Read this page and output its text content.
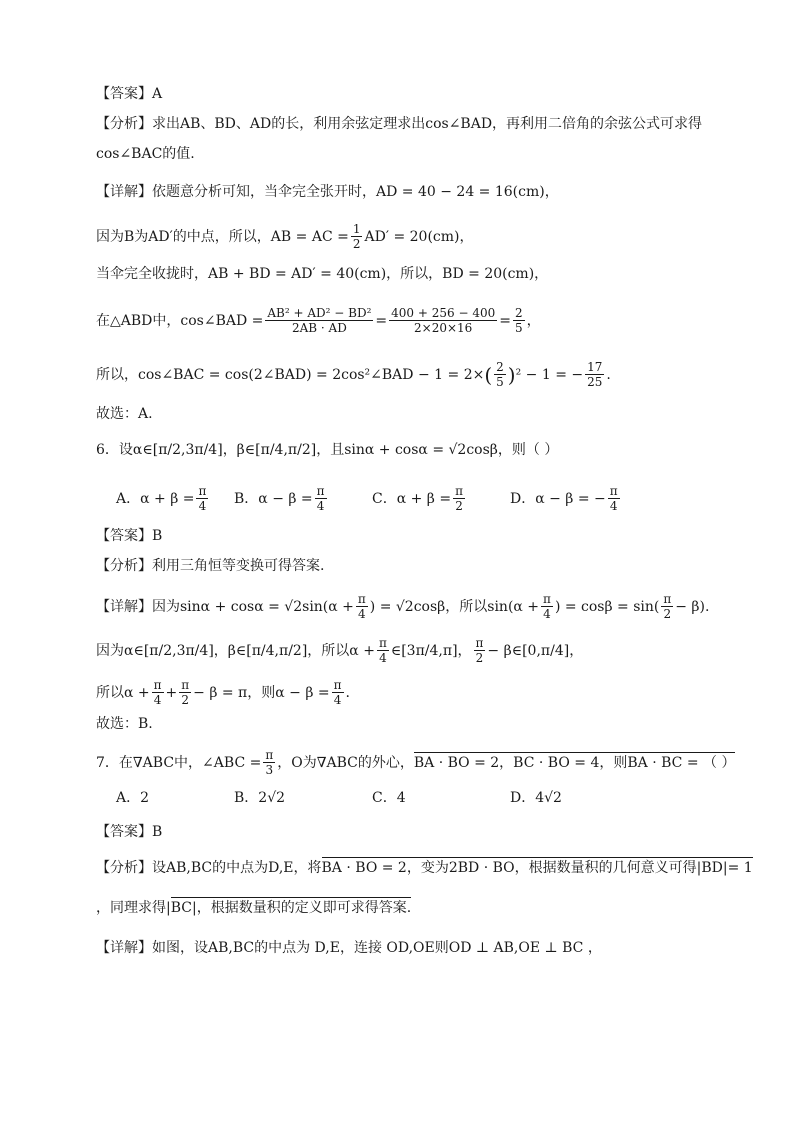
【答案】A
【分析】求出AB、BD、AD的长，利用余弦定理求出cos∠BAD，再利用二倍角的余弦公式可求得
cos∠BAC的值.
【详解】依题意分析可知，当伞完全张开时，AD = 40 − 24 = 16(cm)，
因为B为AD′的中点，所以，AB = AC = $\frac{1}{2} AD' = 20(cm)$，
当伞完全收拢时，AB + BD = AD′ = 40(cm)，所以，BD = 20(cm)，
在△ABD中，cos∠BAD = $\frac{\text{AB² + AD² − BD²}}{2AB \cdot AD} = \frac{400 + 256 - 400}{2\times 20\times 16} = \frac{2}{5}$ ，
所以，cos∠BAC = cos(2∠BAD) = 2cos²∠BAD − 1 = 2× ( $\frac{2}{5}$ ) ² − 1 = − $\frac{17}{25}$ .
故选：A.
6．设α∈ [ π/2 , 3π/4 ] ，β∈ [ π/4 , π/2 ] ，且sinα + cosα = √2cosβ，则（ ）
A．$\alpha + \beta = \frac{\pi}{4}$ B．$\alpha - \beta = \frac{\pi}{4}$	C．$\alpha + \beta = \frac{\pi}{2}$	D．α − β = − $\frac{\pi}{4}$
【答案】B
【分析】利用三角恒等变换可得答案.
【详解】因为$\sin\alpha + \cos\alpha = √2\sin(\alpha + \frac{\pi}{4}$ ) = √2cosβ，所以$\sin(\alpha + \frac{\pi}{4}$ ) = $\cos\beta = \sin( \frac{\pi}{2} - \beta)$.
因为α∈ [ π/2 , 3π/4 ] ，β∈ [ π/4 , π/2 ] ，所以$\alpha + \frac{\pi}{4}$ ∈ [ 3π/4 , π ] ， $\frac{\pi}{2}$ − β∈ [ 0 , π/4 ] ，
所以$\alpha + \frac{\pi}{4} + \frac{\pi}{2} - \beta = \pi$，则$\alpha - \beta = \frac{\pi}{4}$ .
故选：B.
7．在∇ABC中，∠ABC = $\frac{\pi}{3}$ ，O为∇ABC的外心， BA · BO = 2， BC · BO = 4，则 BA · BC = （ ）
A．2	B．2√2	C．4	D．4√2
【答案】B
【分析】设AB,BC的中点为D,E，将 BA · BO = 2，变为2 BD · BO，根据数量积的几何意义可得| BD|= 1
，同理求得| BC|，根据数量积的定义即可求得答案.
【详解】如图，设AB,BC的中点为 D,E，连接 OD,OE则OD ⊥ AB,OE ⊥ BC ，
